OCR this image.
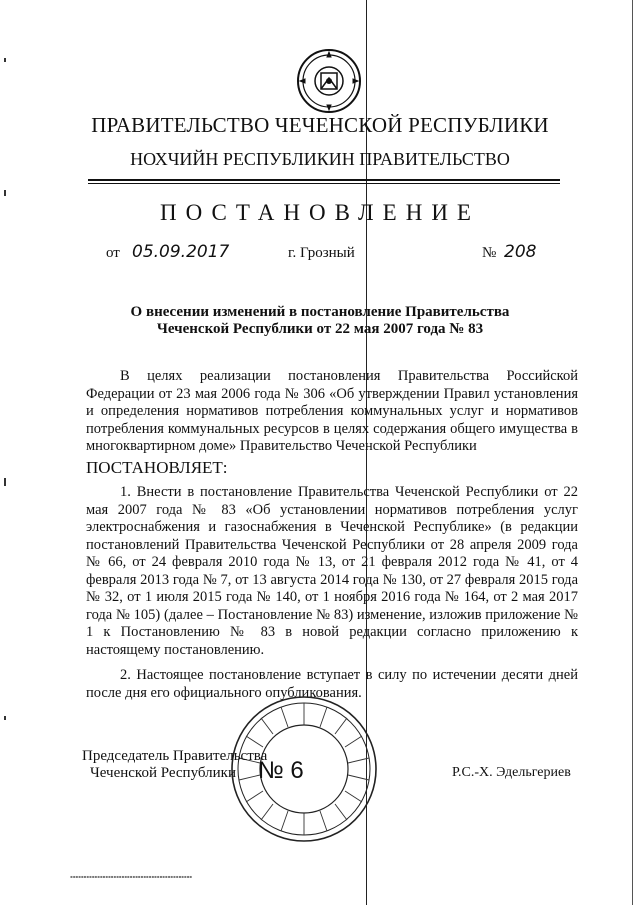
ПРАВИТЕЛЬСТВО ЧЕЧЕНСКОЙ РЕСПУБЛИКИ
НОХЧИЙН РЕСПУБЛИКИН ПРАВИТЕЛЬСТВО
ПОСТАНОВЛЕНИЕ
от 05.09.2017	г. Грозный	№ 208
О внесении изменений в постановление Правительства
Чеченской Республики от 22 мая 2007 года № 83

В целях реализации постановления Правительства Российской Федерации от 23 мая 2006 года № 306 «Об утверждении Правил установления и определения нормативов потребления коммунальных услуг и нормативов потребления коммунальных ресурсов в целях содержания общего имущества в многоквартирном доме» Правительство Чеченской Республики

ПОСТАНОВЛЯЕТ:

1. Внести в постановление Правительства Чеченской Республики от 22 мая 2007 года № 83 «Об установлении нормативов потребления услуг электроснабжения и газоснабжения в Чеченской Республике» (в редакции постановлений Правительства Чеченской Республики от 28 апреля 2009 года № 66, от 24 февраля 2010 года № 13, от 21 февраля 2012 года № 41, от 4 февраля 2013 года № 7, от 13 августа 2014 года № 130, от 27 февраля 2015 года № 32, от 1 июля 2015 года № 140, от 1 ноября 2016 года № 164, от 2 мая 2017 года № 105) (далее – Постановление № 83) изменение, изложив приложение № 1 к Постановлению № 83 в новой редакции согласно приложению к настоящему постановлению.

2. Настоящее постановление вступает в силу по истечении десяти дней после дня его официального опубликования.

№ 6
Председатель Правительства
Чеченской Республики	Р.С.-Х. Эдельгериев
▪▪▪▪▪▪▪▪▪▪▪▪▪▪▪▪▪▪▪▪▪▪▪▪▪▪▪▪▪▪▪▪▪▪▪▪▪▪▪▪▪▪▪▪▪
